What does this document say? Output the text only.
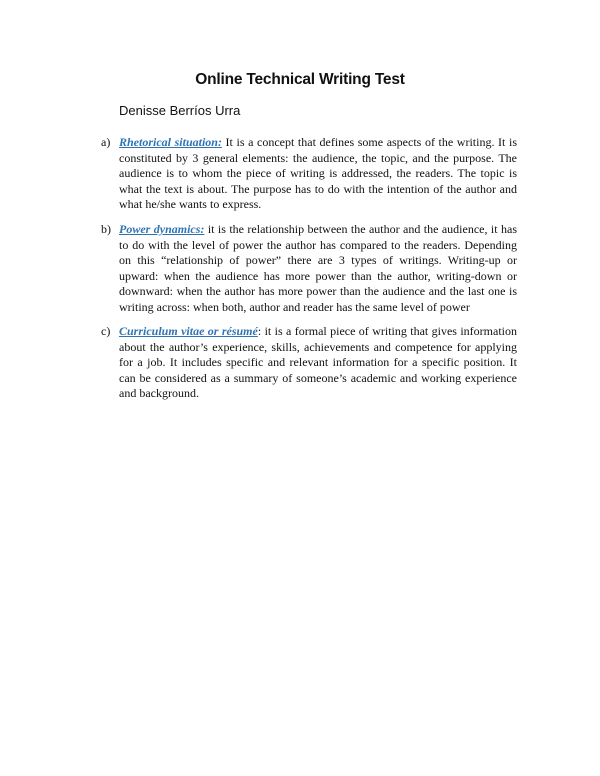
Online Technical Writing Test
Denisse Berríos Urra
a) Rhetorical situation: It is a concept that defines some aspects of the writing. It is constituted by 3 general elements: the audience, the topic, and the purpose. The audience is to whom the piece of writing is addressed, the readers. The topic is what the text is about. The purpose has to do with the intention of the author and what he/she wants to express.

b) Power dynamics: it is the relationship between the author and the audience, it has to do with the level of power the author has compared to the readers. Depending on this “relationship of power” there are 3 types of writings. Writing-up or upward: when the audience has more power than the author, writing-down or downward: when the author has more power than the audience and the last one is writing across: when both, author and reader has the same level of power

c) Curriculum vitae or résumé: it is a formal piece of writing that gives information about the author’s experience, skills, achievements and competence for applying for a job. It includes specific and relevant information for a specific position. It can be considered as a summary of someone’s academic and working experience and background.
